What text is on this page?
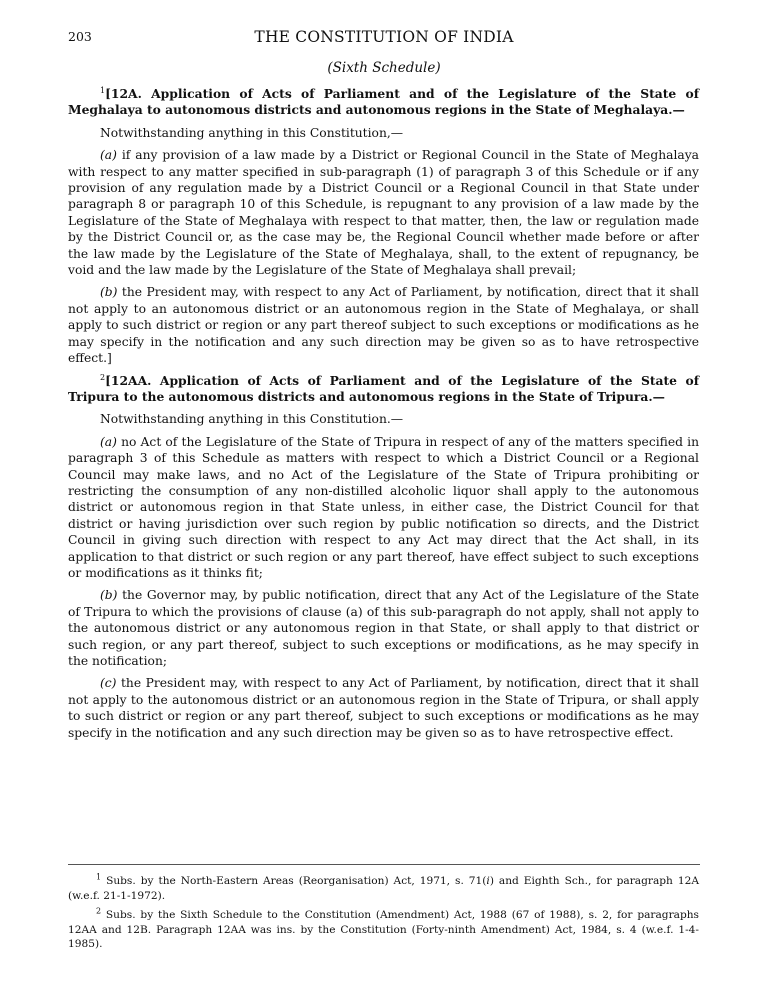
203	THE CONSTITUTION OF INDIA
(Sixth Schedule)

$^1$[12A. Application of Acts of Parliament and of the Legislature of the State of Meghalaya to autonomous districts and autonomous regions in the State of Meghalaya.—

Notwithstanding anything in this Constitution,—

(a) if any provision of a law made by a District or Regional Council in the State of Meghalaya with respect to any matter specified in sub-paragraph (1) of paragraph 3 of this Schedule or if any provision of any regulation made by a District Council or a Regional Council in that State under paragraph 8 or paragraph 10 of this Schedule, is repugnant to any provision of a law made by the Legislature of the State of Meghalaya with respect to that matter, then, the law or regulation made by the District Council or, as the case may be, the Regional Council whether made before or after the law made by the Legislature of the State of Meghalaya, shall, to the extent of repugnancy, be void and the law made by the Legislature of the State of Meghalaya shall prevail;

(b) the President may, with respect to any Act of Parliament, by notification, direct that it shall not apply to an autonomous district or an autonomous region in the State of Meghalaya, or shall apply to such district or region or any part thereof subject to such exceptions or modifications as he may specify in the notification and any such direction may be given so as to have retrospective effect.]

$^2$[12AA. Application of Acts of Parliament and of the Legislature of the State of Tripura to the autonomous districts and autonomous regions in the State of Tripura.—

Notwithstanding anything in this Constitution.—

(a) no Act of the Legislature of the State of Tripura in respect of any of the matters specified in paragraph 3 of this Schedule as matters with respect to which a District Council or a Regional Council may make laws, and no Act of the Legislature of the State of Tripura prohibiting or restricting the consumption of any non-distilled alcoholic liquor shall apply to the autonomous district or autonomous region in that State unless, in either case, the District Council for that district or having jurisdiction over such region by public notification so directs, and the District Council in giving such direction with respect to any Act may direct that the Act shall, in its application to that district or such region or any part thereof, have effect subject to such exceptions or modifications as it thinks fit;

(b) the Governor may, by public notification, direct that any Act of the Legislature of the State of Tripura to which the provisions of clause (a) of this sub-paragraph do not apply, shall not apply to the autonomous district or any autonomous region in that State, or shall apply to that district or such region, or any part thereof, subject to such exceptions or modifications, as he may specify in the notification;

(c) the President may, with respect to any Act of Parliament, by notification, direct that it shall not apply to the autonomous district or an autonomous region in the State of Tripura, or shall apply to such district or region or any part thereof, subject to such exceptions or modifications as he may specify in the notification and any such direction may be given so as to have retrospective effect.

$^1$ Subs. by the North-Eastern Areas (Reorganisation) Act, 1971, s. 71(i) and Eighth Sch., for paragraph 12A (w.e.f. 21-1-1972).

$^2$ Subs. by the Sixth Schedule to the Constitution (Amendment) Act, 1988 (67 of 1988), s. 2, for paragraphs 12AA and 12B. Paragraph 12AA was ins. by the Constitution (Forty-ninth Amendment) Act, 1984, s. 4 (w.e.f. 1-4-1985).
